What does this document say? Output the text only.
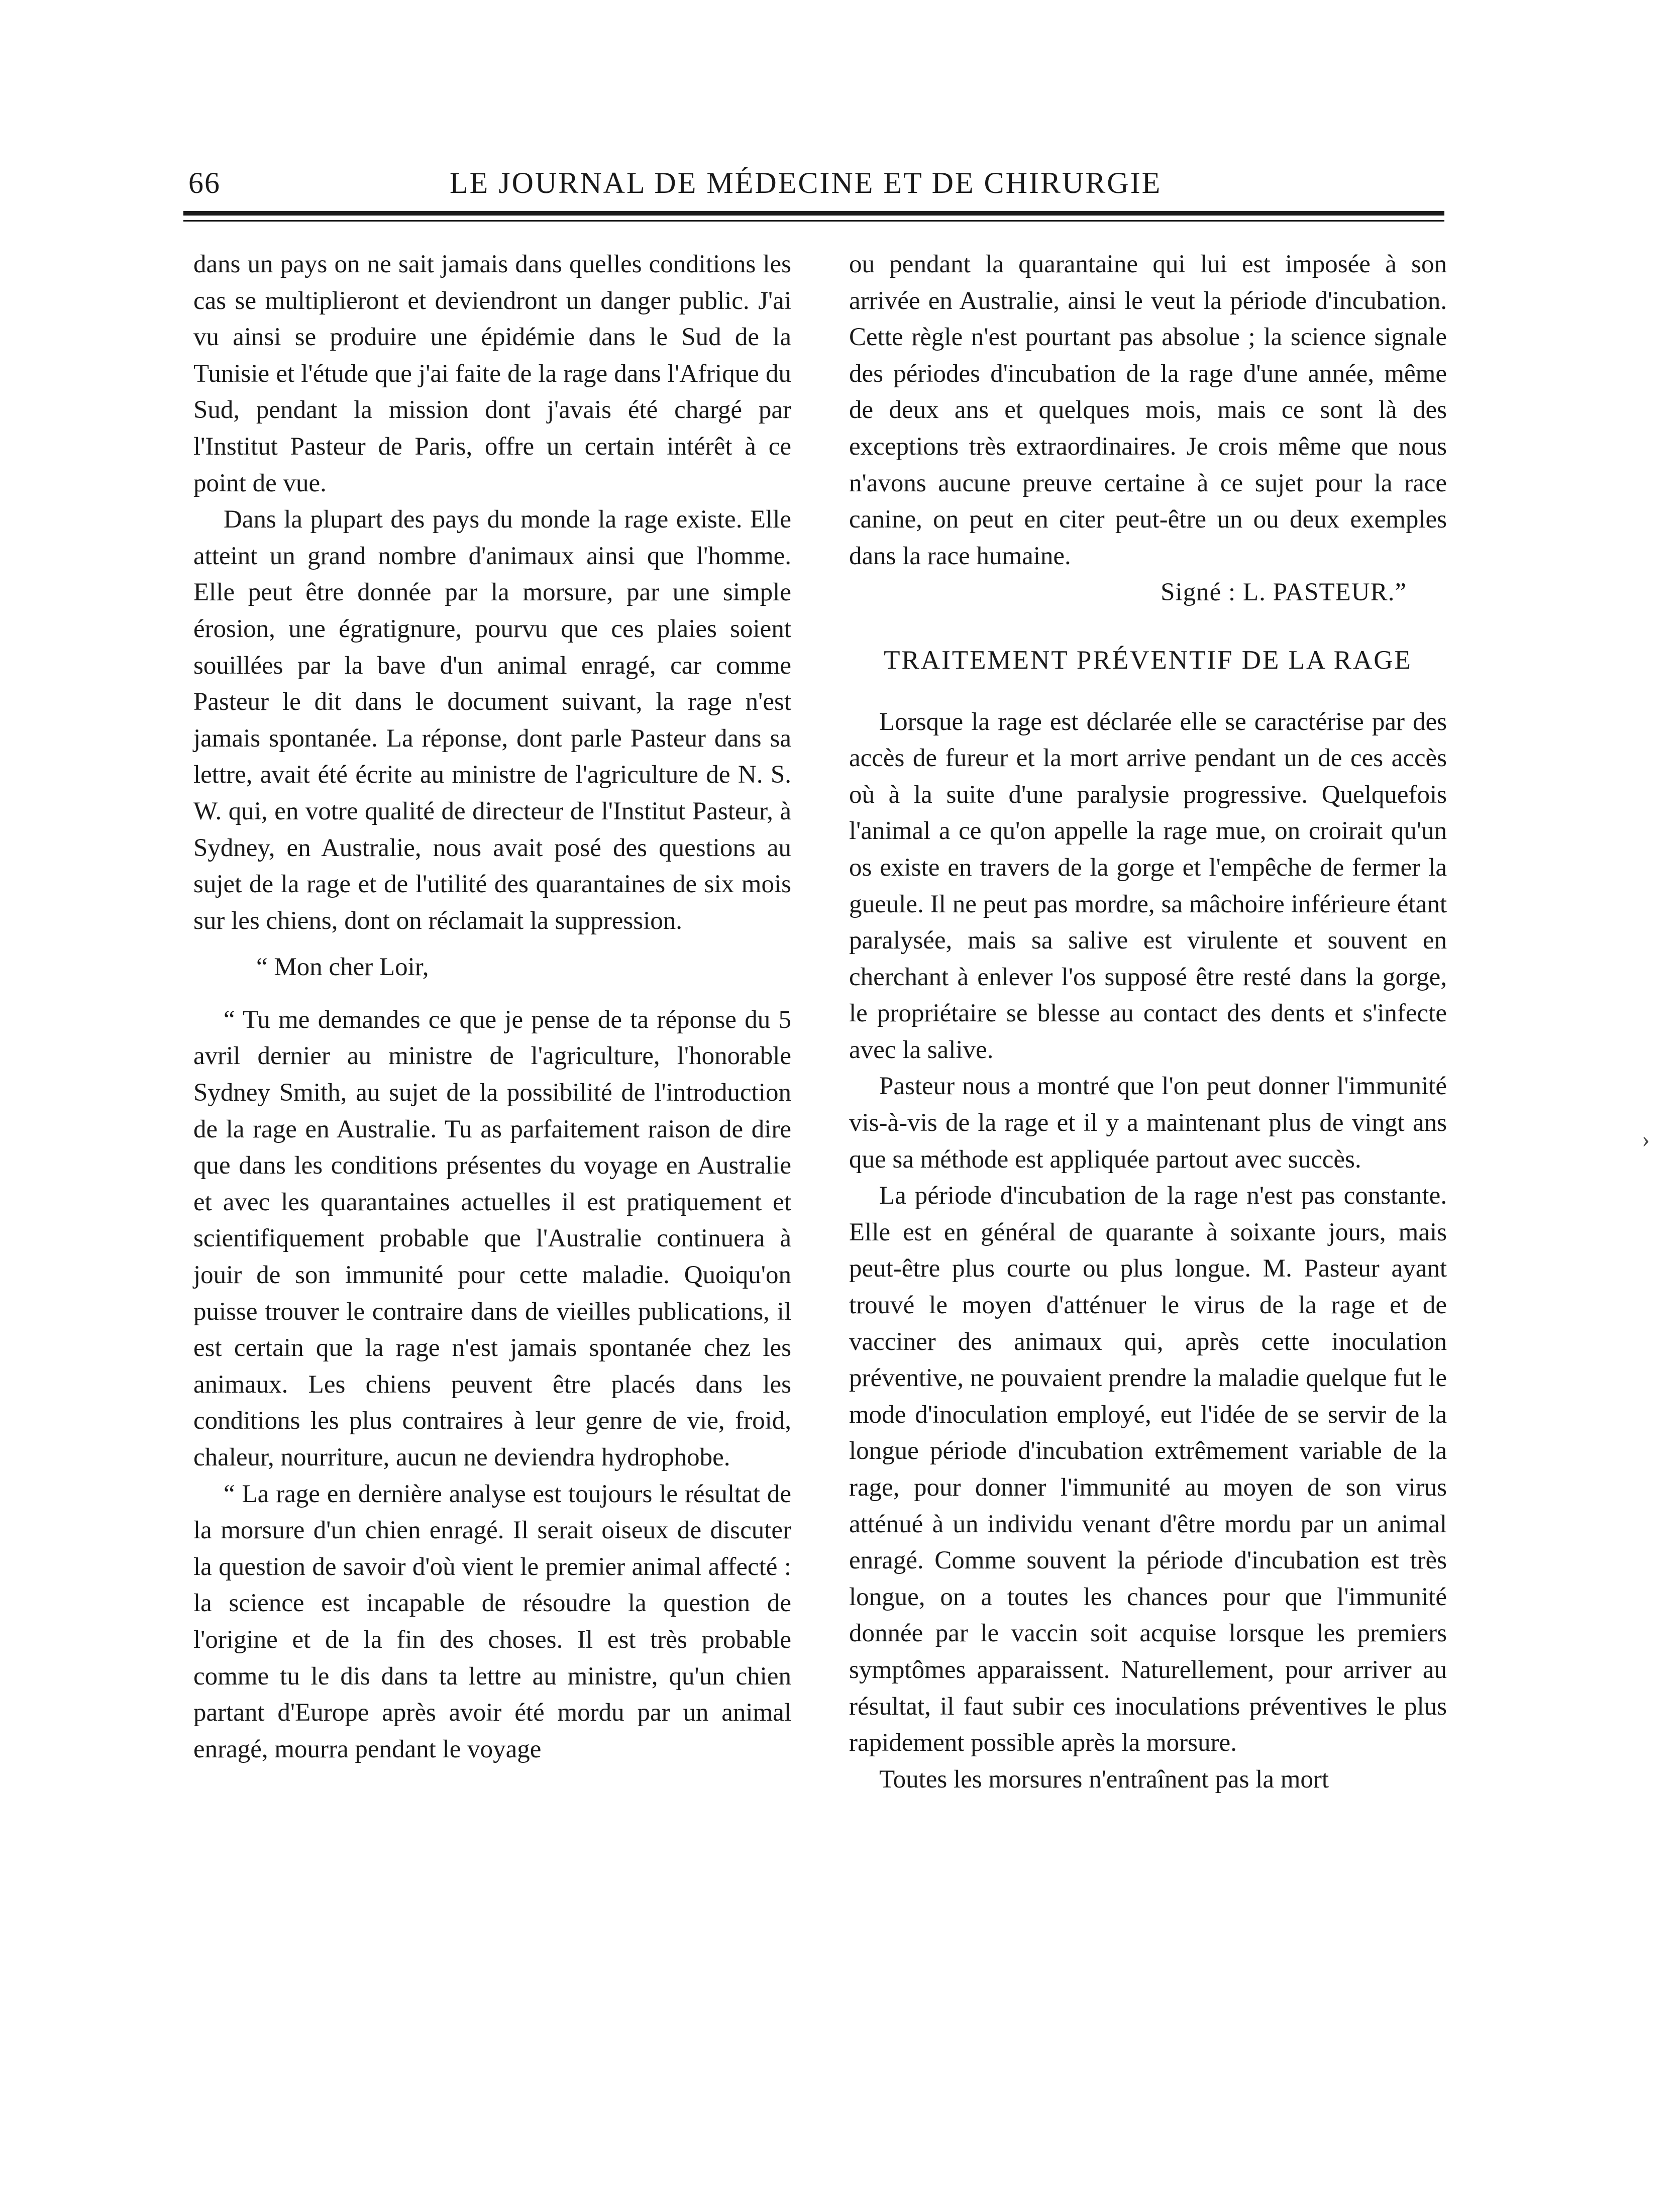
66	LE JOURNAL DE MÉDECINE ET DE CHIRURGIE

dans un pays on ne sait jamais dans quelles conditions les cas se multiplieront et deviendront un danger public. J'ai vu ainsi se produire une épidémie dans le Sud de la Tunisie et l'étude que j'ai faite de la rage dans l'Afrique du Sud, pendant la mission dont j'avais été chargé par l'Institut Pasteur de Paris, offre un certain intérêt à ce point de vue.

Dans la plupart des pays du monde la rage existe. Elle atteint un grand nombre d'animaux ainsi que l'homme. Elle peut être donnée par la morsure, par une simple érosion, une égratignure, pourvu que ces plaies soient souillées par la bave d'un animal enragé, car comme Pasteur le dit dans le document suivant, la rage n'est jamais spontanée. La réponse, dont parle Pasteur dans sa lettre, avait été écrite au ministre de l'agriculture de N. S. W. qui, en votre qualité de directeur de l'Institut Pasteur, à Sydney, en Australie, nous avait posé des questions au sujet de la rage et de l'utilité des quarantaines de six mois sur les chiens, dont on réclamait la suppression.

“ Mon cher Loir,

“ Tu me demandes ce que je pense de ta réponse du 5 avril dernier au ministre de l'agriculture, l'honorable Sydney Smith, au sujet de la possibilité de l'introduction de la rage en Australie. Tu as parfaitement raison de dire que dans les conditions présentes du voyage en Australie et avec les quarantaines actuelles il est pratiquement et scientifiquement probable que l'Australie continuera à jouir de son immunité pour cette maladie. Quoiqu'on puisse trouver le contraire dans de vieilles publications, il est certain que la rage n'est jamais spontanée chez les animaux. Les chiens peuvent être placés dans les conditions les plus contraires à leur genre de vie, froid, chaleur, nourriture, aucun ne deviendra hydrophobe.

“ La rage en dernière analyse est toujours le résultat de la morsure d'un chien enragé. Il serait oiseux de discuter la question de savoir d'où vient le premier animal affecté : la science est incapable de résoudre la question de l'origine et de la fin des choses. Il est très probable comme tu le dis dans ta lettre au ministre, qu'un chien partant d'Europe après avoir été mordu par un animal enragé, mourra pendant le voyage

ou pendant la quarantaine qui lui est imposée à son arrivée en Australie, ainsi le veut la période d'incubation. Cette règle n'est pourtant pas absolue ; la science signale des périodes d'incubation de la rage d'une année, même de deux ans et quelques mois, mais ce sont là des exceptions très extraordinaires. Je crois même que nous n'avons aucune preuve certaine à ce sujet pour la race canine, on peut en citer peut-être un ou deux exemples dans la race humaine.

Signé : L. PASTEUR.”

TRAITEMENT PRÉVENTIF DE LA RAGE

Lorsque la rage est déclarée elle se caractérise par des accès de fureur et la mort arrive pendant un de ces accès où à la suite d'une paralysie progressive. Quelquefois l'animal a ce qu'on appelle la rage mue, on croirait qu'un os existe en travers de la gorge et l'empêche de fermer la gueule. Il ne peut pas mordre, sa mâchoire inférieure étant paralysée, mais sa salive est virulente et souvent en cherchant à enlever l'os supposé être resté dans la gorge, le propriétaire se blesse au contact des dents et s'infecte avec la salive.

Pasteur nous a montré que l'on peut donner l'immunité vis-à-vis de la rage et il y a maintenant plus de vingt ans que sa méthode est appliquée partout avec succès.

La période d'incubation de la rage n'est pas constante. Elle est en général de quarante à soixante jours, mais peut-être plus courte ou plus longue. M. Pasteur ayant trouvé le moyen d'atténuer le virus de la rage et de vacciner des animaux qui, après cette inoculation préventive, ne pouvaient prendre la maladie quelque fut le mode d'inoculation employé, eut l'idée de se servir de la longue période d'incubation extrêmement variable de la rage, pour donner l'immunité au moyen de son virus atténué à un individu venant d'être mordu par un animal enragé. Comme souvent la période d'incubation est très longue, on a toutes les chances pour que l'immunité donnée par le vaccin soit acquise lorsque les premiers symptômes apparaissent. Naturellement, pour arriver au résultat, il faut subir ces inoculations préventives le plus rapidement possible après la morsure.

Toutes les morsures n'entraînent pas la mort

›
